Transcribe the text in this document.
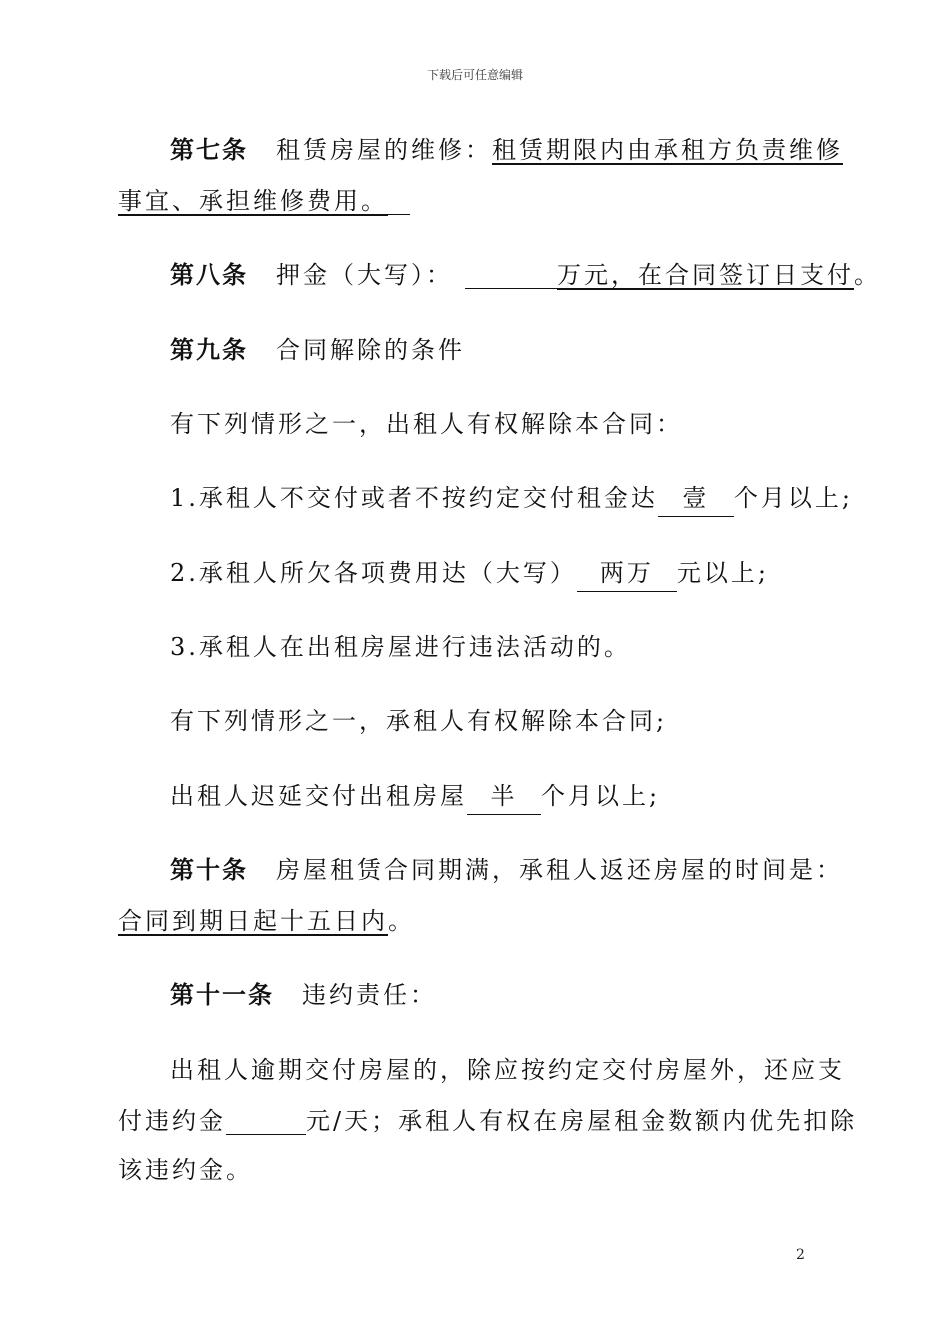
下载后可任意编辑
第七条 租赁房屋的维修：租赁期限内由承租方负责维修
事宜、承担维修费用。
第八条 押金（大写）：	万元，在合同签订日支付。
第九条 合同解除的条件
有下列情形之一，出租人有权解除本合同：
1.承租人不交付或者不按约定交付租金达 壹 个月以上;
2.承租人所欠各项费用达（大写） 两万 元以上;
3.承租人在出租房屋进行违法活动的。
有下列情形之一，承租人有权解除本合同;
出租人迟延交付出租房屋 半 个月以上;
第十条 房屋租赁合同期满，承租人返还房屋的时间是：
合同到期日起十五日内。
第十一条 违约责任：
出租人逾期交付房屋的，除应按约定交付房屋外，还应支
付违约金	元/天；承租人有权在房屋租金数额内优先扣除
该违约金。
2
